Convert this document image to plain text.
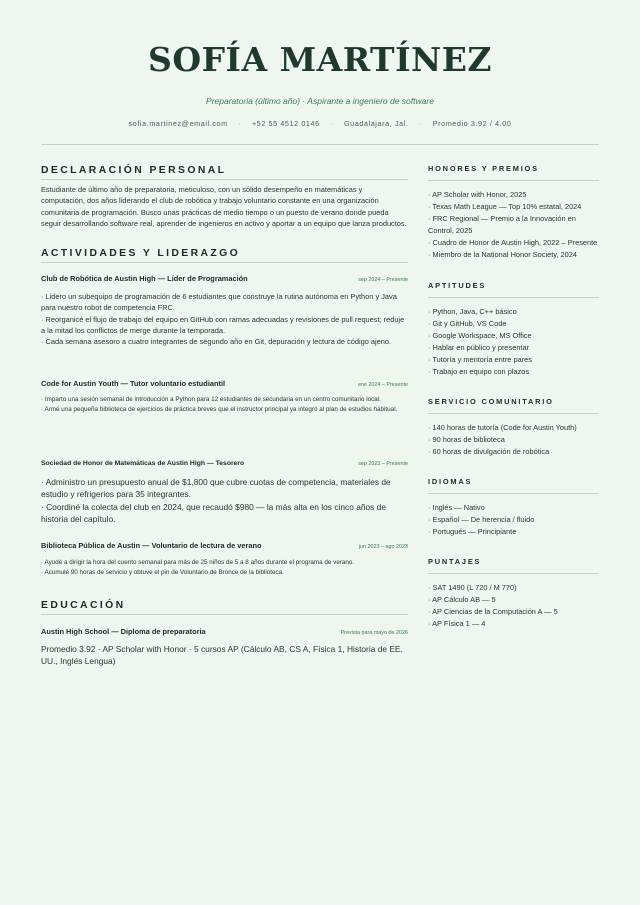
SOFÍA MARTÍNEZ
Preparatoria (último año) · Aspirante a ingeniero de software
sofia.martinez@email.com · +52 55 4512 0146 · Guadalajara, Jal. · Promedio 3.92 / 4.00
DECLARACIÓN PERSONAL

Estudiante de último año de preparatoria, meticuloso, con un sólido desempeño en matemáticas y computación, dos años liderando el club de robótica y trabajo voluntario constante en una organización comunitaria de programación. Busco unas prácticas de medio tiempo o un puesto de verano donde pueda seguir desarrollando software real, aprender de ingenieros en activo y aportar a un equipo que lanza productos.

ACTIVIDADES Y LIDERAZGO
Club de Robótica de Austin High — Líder de Programación	sep 2024 – Presente
· Lidero un subequipo de programación de 6 estudiantes que construye la rutina autónoma en Python y Java para nuestro robot de competencia FRC.
· Reorganicé el flujo de trabajo del equipo en GitHub con ramas adecuadas y revisiones de pull request; reduje a la mitad los conflictos de merge durante la temporada.
· Cada semana asesoro a cuatro integrantes de segundo año en Git, depuración y lectura de código ajeno.
Code for Austin Youth — Tutor voluntario estudiantil	ene 2024 – Presente
· Imparto una sesión semanal de introducción a Python para 12 estudiantes de secundaria en un centro comunitario local.
· Armé una pequeña biblioteca de ejercicios de práctica breves que el instructor principal ya integró al plan de estudios habitual.
Sociedad de Honor de Matemáticas de Austin High — Tesorero	sep 2023 – Presente
· Administro un presupuesto anual de $1,800 que cubre cuotas de competencia, materiales de estudio y refrigerios para 35 integrantes.
· Coordiné la colecta del club en 2024, que recaudó $980 — la más alta en los cinco años de historia del capítulo.
Biblioteca Pública de Austin — Voluntario de lectura de verano	jun 2023 – ago 2023
· Ayudé a dirigir la hora del cuento semanal para más de 25 niños de 5 a 8 años durante el programa de verano.
· Acumulé 90 horas de servicio y obtuve el pin de Voluntario de Bronce de la biblioteca.
EDUCACIÓN
Austin High School — Diploma de preparatoria	Prevista para mayo de 2026

Promedio 3.92 · AP Scholar with Honor · 5 cursos AP (Cálculo AB, CS A, Física 1, Historia de EE. UU., Inglés Lengua)

HONORES Y PREMIOS
· AP Scholar with Honor, 2025
· Texas Math League — Top 10% estatal, 2024
· FRC Regional — Premio a la Innovación en Control, 2025
· Cuadro de Honor de Austin High, 2022 – Presente
· Miembro de la National Honor Society, 2024
APTITUDES
· Python, Java, C++ básico
· Git y GitHub, VS Code
· Google Workspace, MS Office
· Hablar en público y presentar
· Tutoría y mentoría entre pares
· Trabajo en equipo con plazos
SERVICIO COMUNITARIO
· 140 horas de tutoría (Code for Austin Youth)
· 90 horas de biblioteca
· 60 horas de divulgación de robótica
IDIOMAS
· Inglés — Nativo
· Español — De herencia / fluido
· Portugués — Principiante
PUNTAJES
· SAT 1490 (L 720 / M 770)
· AP Cálculo AB — 5
· AP Ciencias de la Computación A — 5
· AP Física 1 — 4
